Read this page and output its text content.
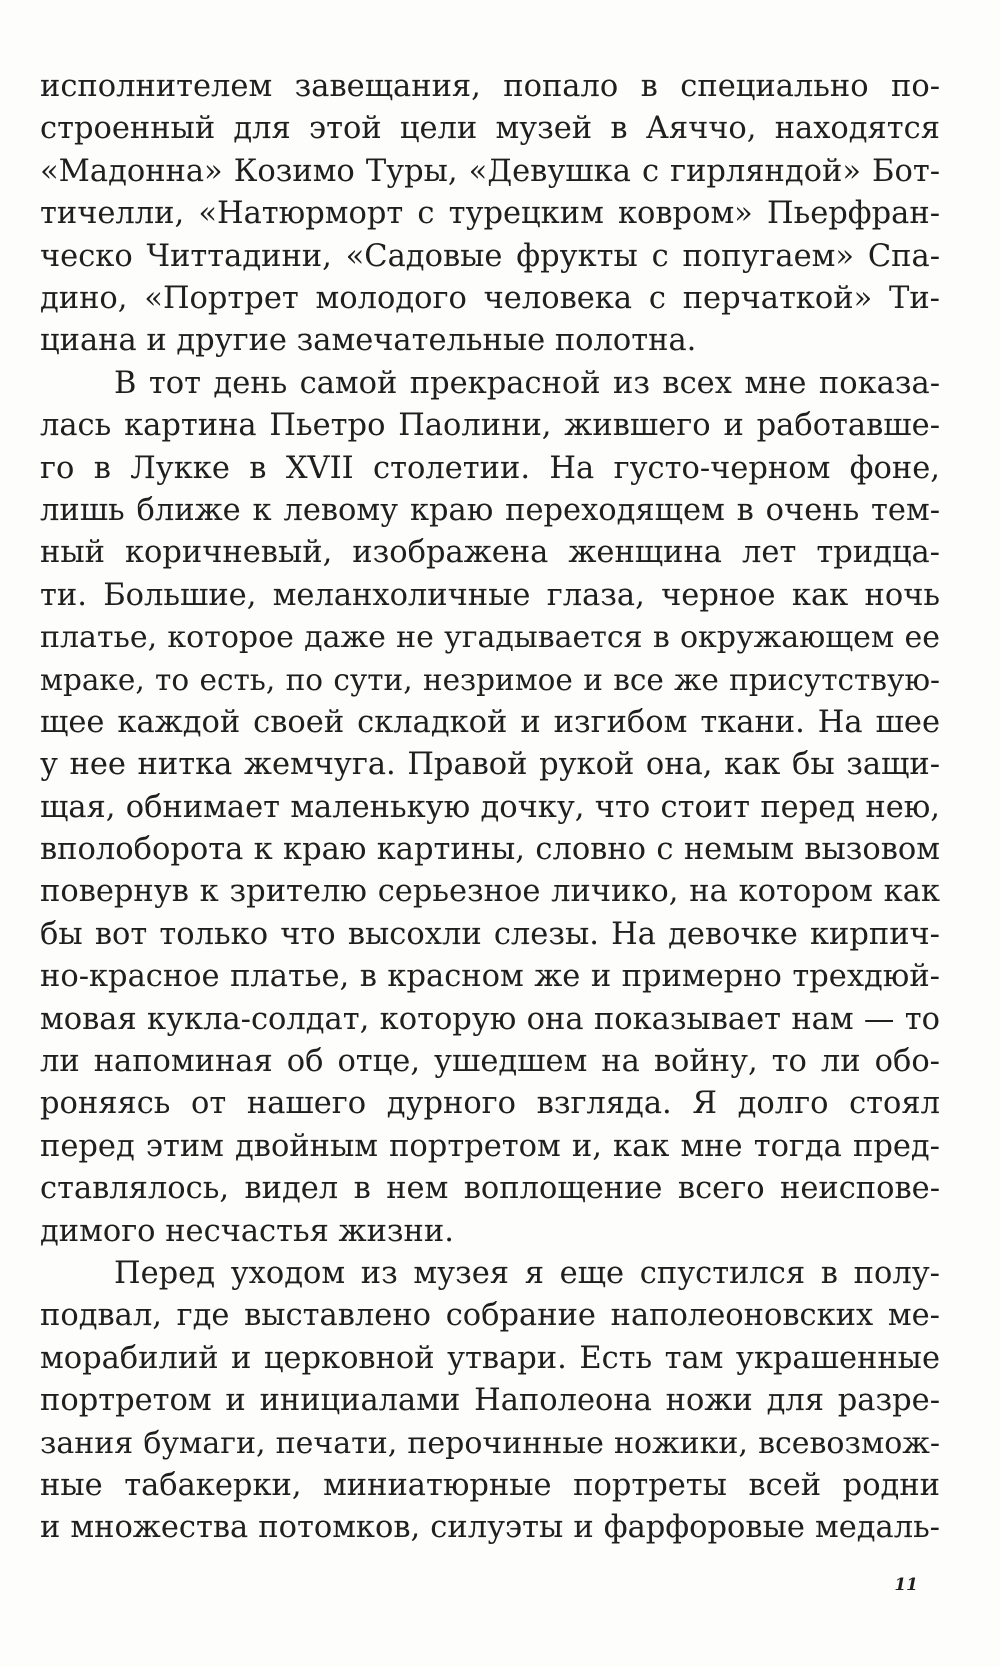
исполнителем завещания, попало в специально по-
строенный для этой цели музей в Аяччо, находятся
«Мадонна» Козимо Туры, «Девушка с гирляндой» Бот-
тичелли, «Натюрморт с турецким ковром» Пьерфран-
ческо Читтадини, «Садовые фрукты с попугаем» Спа-
дино, «Портрет молодого человека с перчаткой» Ти-
циана и другие замечательные полотна.
В тот день самой прекрасной из всех мне показа-
лась картина Пьетро Паолини, жившего и работавше-
го в Лукке в XVII столетии. На густо-черном фоне,
лишь ближе к левому краю переходящем в очень тем-
ный коричневый, изображена женщина лет тридца-
ти. Большие, меланхоличные глаза, черное как ночь
платье, которое даже не угадывается в окружающем ее
мраке, то есть, по сути, незримое и все же присутствую-
щее каждой своей складкой и изгибом ткани. На шее
у нее нитка жемчуга. Правой рукой она, как бы защи-
щая, обнимает маленькую дочку, что стоит перед нею,
вполоборота к краю картины, словно с немым вызовом
повернув к зрителю серьезное личико, на котором как
бы вот только что высохли слезы. На девочке кирпич-
но-красное платье, в красном же и примерно трехдюй-
мовая кукла-солдат, которую она показывает нам — то
ли напоминая об отце, ушедшем на войну, то ли обо-
роняясь от нашего дурного взгляда. Я долго стоял
перед этим двойным портретом и, как мне тогда пред-
ставлялось, видел в нем воплощение всего неиспове-
димого несчастья жизни.
Перед уходом из музея я еще спустился в полу-
подвал, где выставлено собрание наполеоновских ме-
морабилий и церковной утвари. Есть там украшенные
портретом и инициалами Наполеона ножи для разре-
зания бумаги, печати, перочинные ножики, всевозмож-
ные табакерки, миниатюрные портреты всей родни
и множества потомков, силуэты и фарфоровые медаль-
11
